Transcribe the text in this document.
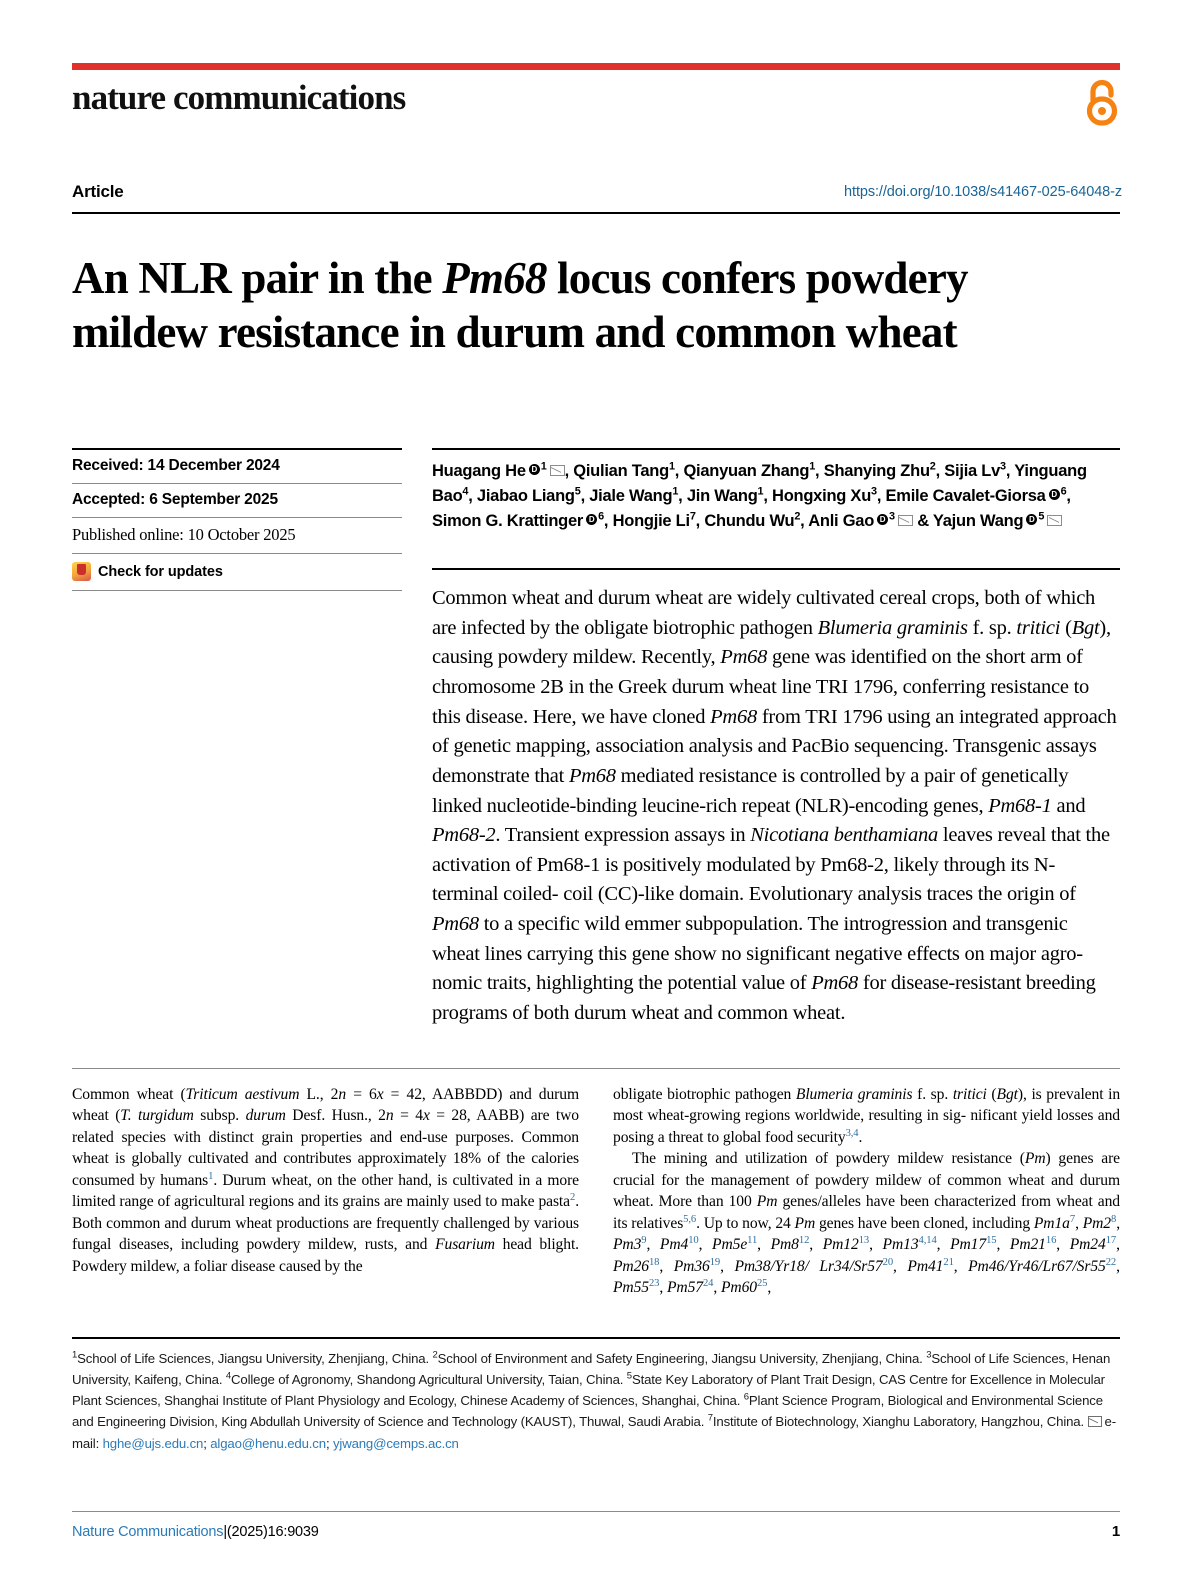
nature communications
Article	https://doi.org/10.1038/s41467-025-64048-z
An NLR pair in the Pm68 locus confers powdery mildew resistance in durum and common wheat
Received: 14 December 2024
Accepted: 6 September 2025
Published online: 10 October 2025
Check for updates
Huagang He D $^1$ , Qiulian Tang$^1$, Qianyuan Zhang$^1$, Shanying Zhu$^2$, Sijia Lv$^3$, Yinguang Bao$^4$, Jiabao Liang$^5$, Jiale Wang$^1$, Jin Wang$^1$, Hongxing Xu$^3$, Emile Cavalet-Giorsa D $^6$, Simon G. Krattinger D $^6$, Hongjie Li$^7$, Chundu Wu$^2$, Anli GaoD $^3$ & Yajun Wang D $^5$
Common wheat and durum wheat are widely cultivated cereal crops, both of which are infected by the obligate biotrophic pathogen Blumeria graminis f. sp. tritici (Bgt), causing powdery mildew. Recently, Pm68 gene was identified on the short arm of chromosome 2B in the Greek durum wheat line TRI 1796, conferring resistance to this disease. Here, we have cloned Pm68 from TRI 1796 using an integrated approach of genetic mapping, association analysis and PacBio sequencing. Transgenic assays demonstrate that Pm68 mediated resistance is controlled by a pair of genetically linked nucleotide-binding leucine-rich repeat (NLR)-encoding genes, Pm68-1 and Pm68-2. Transient expression assays in Nicotiana benthamiana leaves reveal that the activation of Pm68-1 is positively modulated by Pm68-2, likely through its N-terminal coiled- coil (CC)-like domain. Evolutionary analysis traces the origin of Pm68 to a specific wild emmer subpopulation. The introgression and transgenic wheat lines carrying this gene show no significant negative effects on major agro- nomic traits, highlighting the potential value of Pm68 for disease-resistant breeding programs of both durum wheat and common wheat.
Common wheat (Triticum aestivum L., 2n = 6x = 42, AABBDD) and durum wheat (T. turgidum subsp. durum Desf. Husn., 2n = 4x = 28, AABB) are two related species with distinct grain properties and end-use purposes. Common wheat is globally cultivated and contributes approximately 18% of the calories consumed by humans$^1$. Durum wheat, on the other hand, is cultivated in a more limited range of agricultural regions and its grains are mainly used to make pasta$^2$. Both common and durum wheat productions are frequently challenged by various fungal diseases, including powdery mildew, rusts, and Fusarium head blight. Powdery mildew, a foliar disease caused by the
obligate biotrophic pathogen Blumeria graminis f. sp. tritici (Bgt), is prevalent in most wheat-growing regions worldwide, resulting in sig- nificant yield losses and posing a threat to global food security$^{3,4}$.
The mining and utilization of powdery mildew resistance (Pm) genes are crucial for the management of powdery mildew of common wheat and durum wheat. More than 100 Pm genes/alleles have been characterized from wheat and its relatives$^{5,6}$. Up to now, 24 Pm genes have been cloned, including Pm1a$^7$, Pm2$^8$, Pm3$^9$, Pm4$^{10}$, Pm5e$^{11}$, Pm8$^{12}$, Pm12$^{13}$, Pm13$^{4,14}$, Pm17$^{15}$, Pm21$^{16}$, Pm24$^{17}$, Pm26$^{18}$, Pm36$^{19}$, Pm38/Yr18/ Lr34/Sr57$^{20}$, Pm41$^{21}$, Pm46/Yr46/Lr67/Sr55$^{22}$, Pm55$^{23}$, Pm57$^{24}$, Pm60$^{25}$,
$^1$School of Life Sciences, Jiangsu University, Zhenjiang, China. $^2$School of Environment and Safety Engineering, Jiangsu University, Zhenjiang, China. $^3$School of Life Sciences, Henan University, Kaifeng, China. $^4$College of Agronomy, Shandong Agricultural University, Taian, China. $^5$State Key Laboratory of Plant Trait Design, CAS Centre for Excellence in Molecular Plant Sciences, Shanghai Institute of Plant Physiology and Ecology, Chinese Academy of Sciences, Shanghai, China. $^6$Plant Science Program, Biological and Environmental Science and Engineering Division, King Abdullah University of Science and Technology (KAUST), Thuwal, Saudi Arabia. $^7$Institute of Biotechnology, Xianghu Laboratory, Hangzhou, China. e-mail: hghe@ujs.edu.cn; algao@henu.edu.cn; yjwang@cemps.ac.cn
Nature Communications|(2025)16:9039	1
